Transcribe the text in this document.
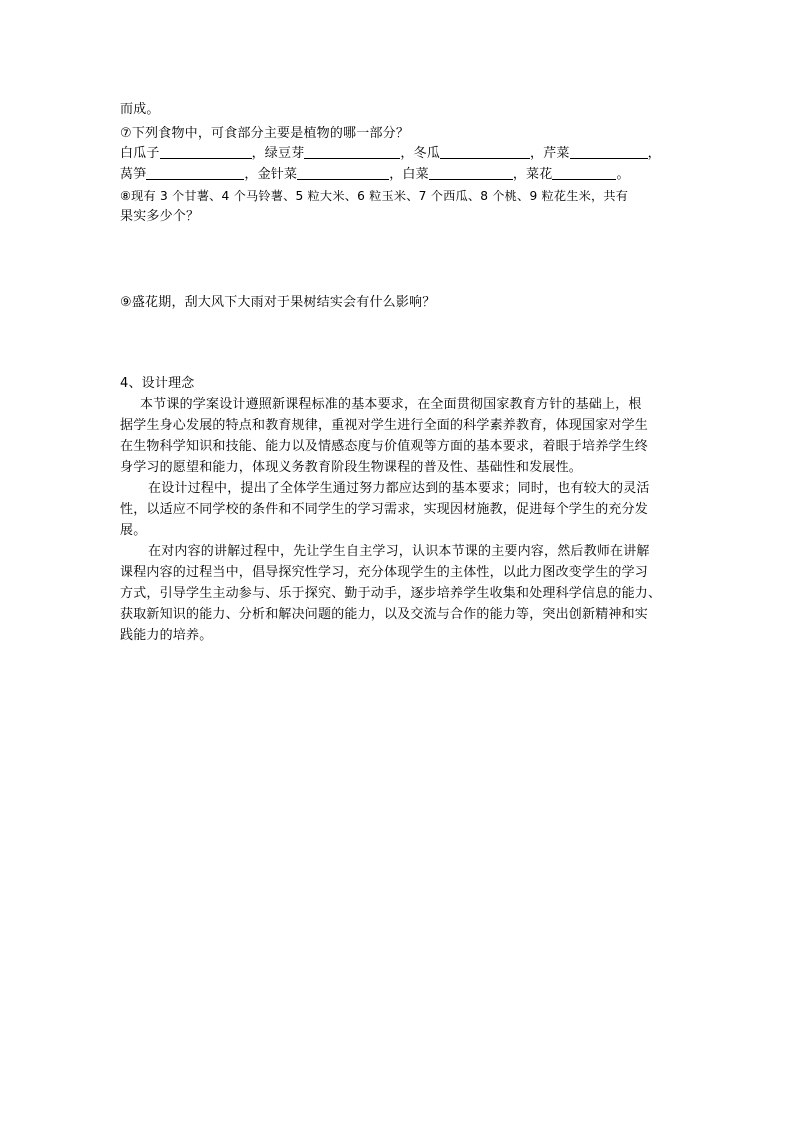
而成。
⑦下列食物中，可食部分主要是植物的哪一部分？
白瓜子	，绿豆芽	，冬瓜	，芹菜	，
莴笋	，金针菜	，白菜	，菜花	。
⑧现有 3 个甘薯、4 个马铃薯、5 粒大米、6 粒玉米、7 个西瓜、8 个桃、9 粒花生米，共有
果实多少个？
⑨盛花期，刮大风下大雨对于果树结实会有什么影响？
4、设计理念
本节课的学案设计遵照新课程标准的基本要求，在全面贯彻国家教育方针的基础上，根
据学生身心发展的特点和教育规律，重视对学生进行全面的科学素养教育，体现国家对学生
在生物科学知识和技能、能力以及情感态度与价值观等方面的基本要求，着眼于培养学生终
身学习的愿望和能力，体现义务教育阶段生物课程的普及性、基础性和发展性。
在设计过程中，提出了全体学生通过努力都应达到的基本要求；同时，也有较大的灵活
性，以适应不同学校的条件和不同学生的学习需求，实现因材施教，促进每个学生的充分发
展。
在对内容的讲解过程中，先让学生自主学习，认识本节课的主要内容，然后教师在讲解
课程内容的过程当中，倡导探究性学习，充分体现学生的主体性，以此力图改变学生的学习
方式，引导学生主动参与、乐于探究、勤于动手，逐步培养学生收集和处理科学信息的能力、
获取新知识的能力、分析和解决问题的能力，以及交流与合作的能力等，突出创新精神和实
践能力的培养。
